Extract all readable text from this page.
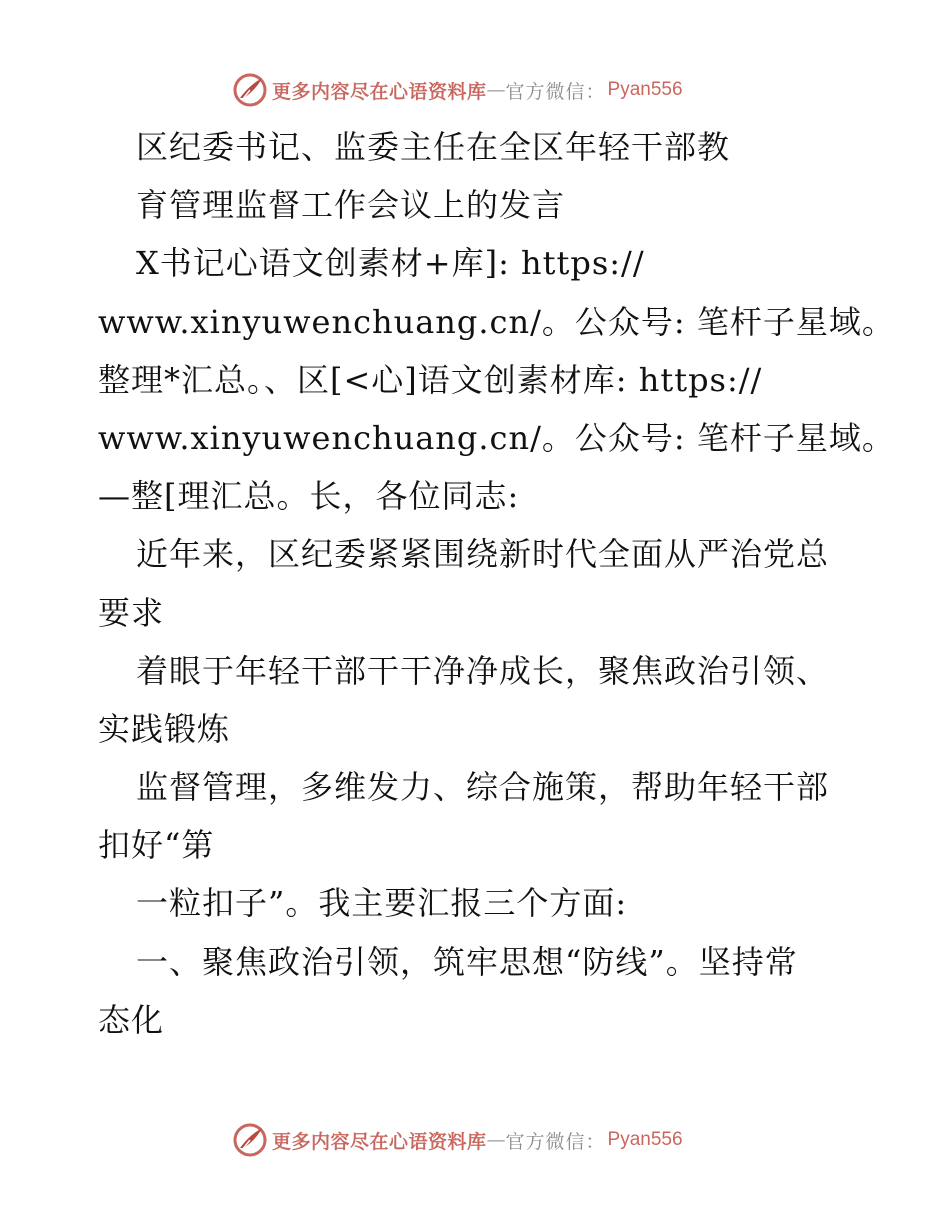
更多内容尽在心语资料库 — 官方微信： Pyan556
区纪委书记、监委主任在全区年轻干部教
育管理监督工作会议上的发言
X书记心语文创素材+库]: https://
www.xinyuwenchuang.cn/。公众号: 笔杆子星域。
整理*汇总。、区[<心]语文创素材库: https://
www.xinyuwenchuang.cn/。公众号: 笔杆子星域。
—整[理汇总。长，各位同志:
近年来，区纪委紧紧围绕新时代全面从严治党总
要求
着眼于年轻干部干干净净成长，聚焦政治引领、
实践锻炼
监督管理，多维发力、综合施策，帮助年轻干部
扣好“第
一粒扣子”。我主要汇报三个方面:
一、聚焦政治引领，筑牢思想“防线”。坚持常
态化
更多内容尽在心语资料库 — 官方微信： Pyan556
